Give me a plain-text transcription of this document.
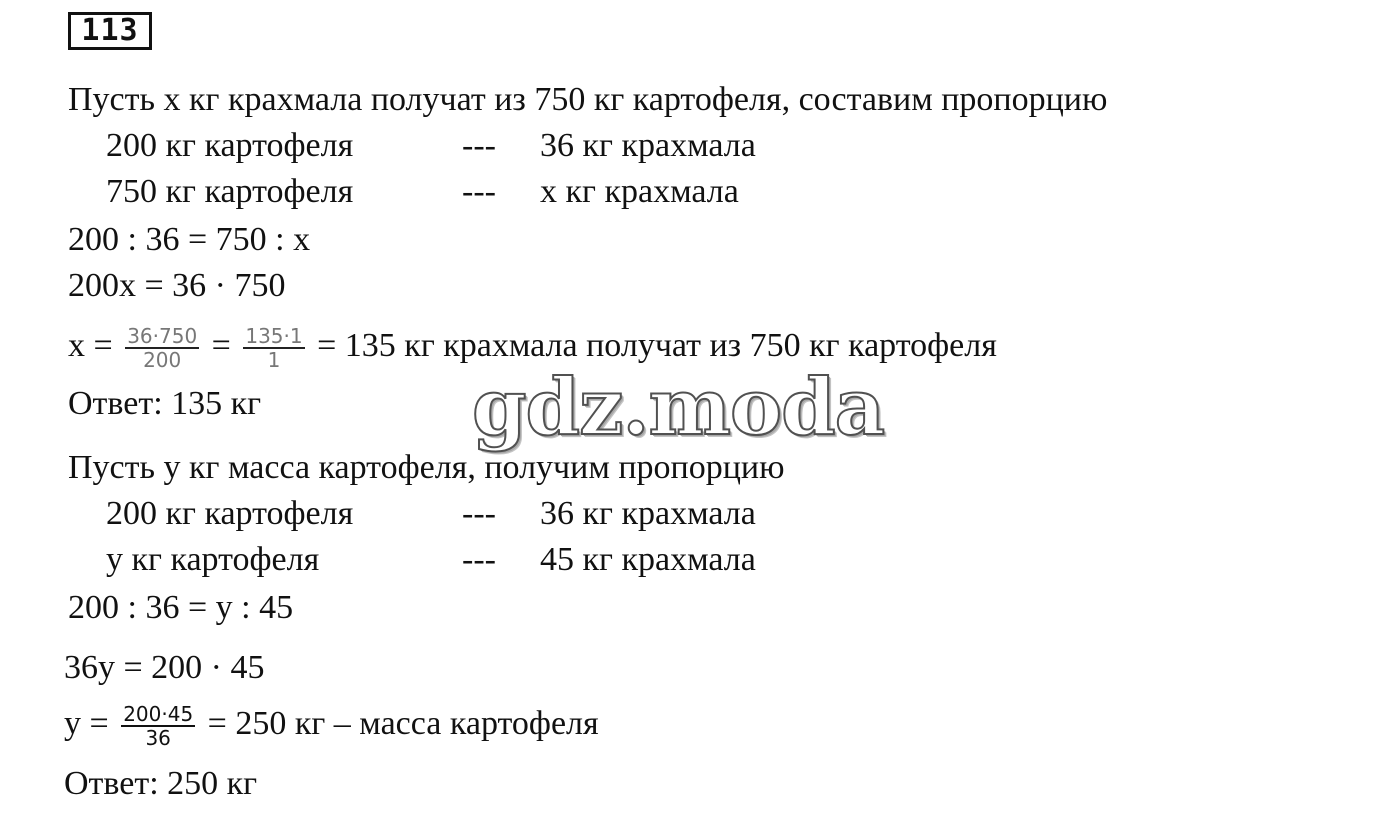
113
Пусть х кг крахмала получат из 750 кг картофеля, составим пропорцию
200 кг картофеля	--- 36 кг крахмала
750 кг картофеля	--- х кг крахмала
200 : 36 = 750 : х
200х = 36 · 750
$х = \frac{36\cdot 750}{200} = \frac{135\cdot 1}{1} = 135$ кг крахмала получат из 750 кг картофеля
Ответ: 135 кг	gdz.moda
Пусть у кг масса картофеля, получим пропорцию
200 кг картофеля	--- 36 кг крахмала
у кг картофеля	--- 45 кг крахмала
200 : 36 = у : 45
36у = 200 · 45
$у = \frac{200\cdot 45}{36} = 250$ кг – масса картофеля
Ответ: 250 кг
